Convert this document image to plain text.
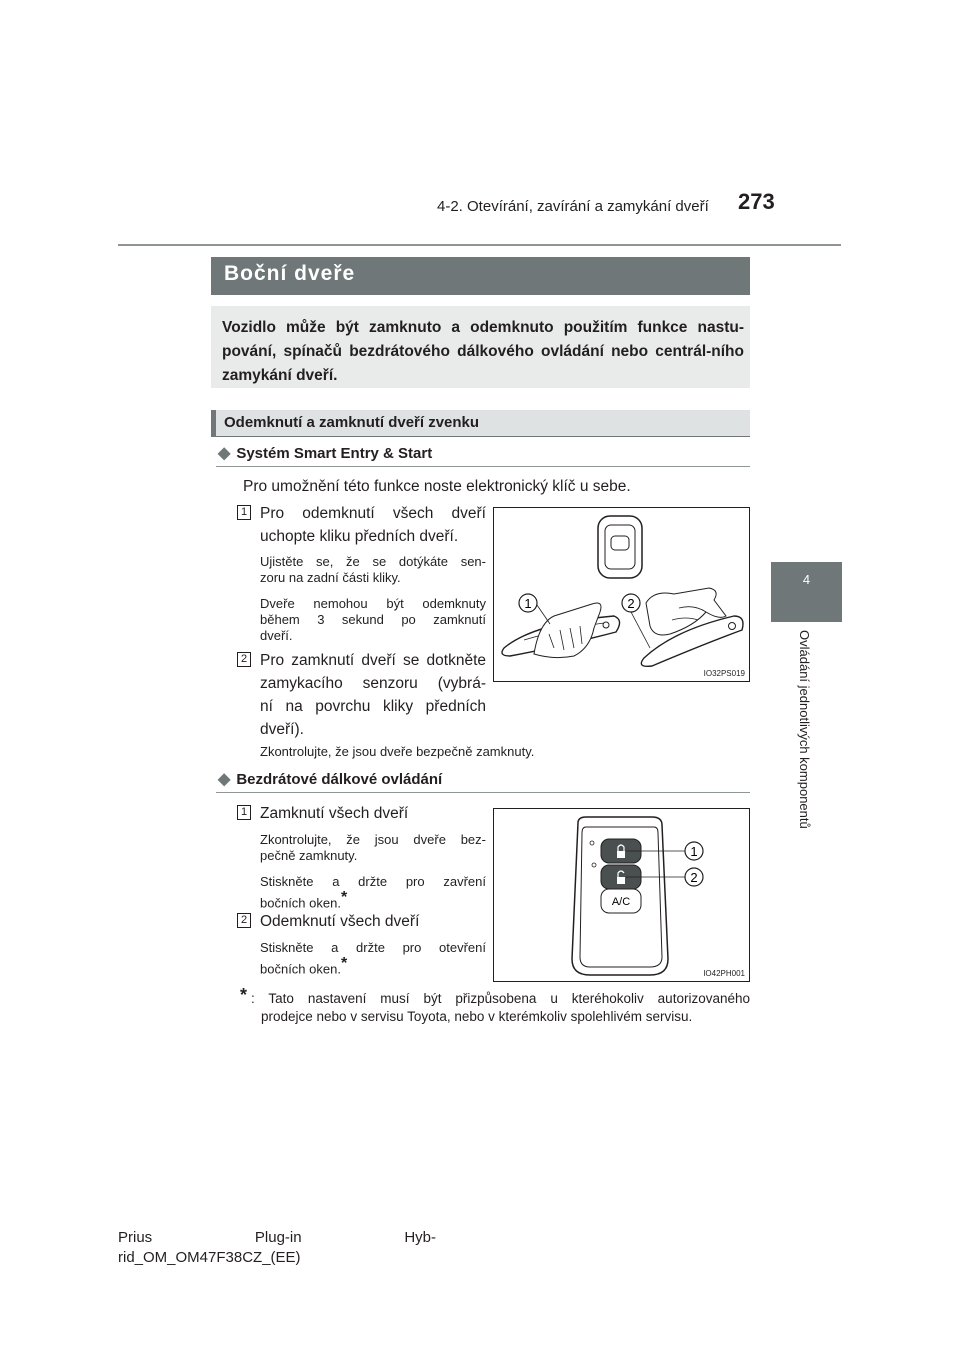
4-2. Otevírání, zavírání a zamykání dveří 273
4
Ovládání jednotlivých komponentů
Boční dveře
Vozidlo může být zamknuto a odemknuto použitím funkce nastu-pování, spínačů bezdrátového dálkového ovládání nebo centrál-ního zamykání dveří.
Odemknutí a zamknutí dveří zvenku
◆ Systém Smart Entry & Start
Pro umožnění této funkce noste elektronický klíč u sebe.
1 Pro odemknutí všech dveří
uchopte kliku předních dveří.
Ujistěte se, že se dotýkáte sen-
zoru na zadní části kliky.
Dveře nemohou být odemknuty
během 3 sekund po zamknutí
dveří.
2 Pro zamknutí dveří se dotkněte
zamykacího senzoru (vybrá-
ní na povrchu kliky předních
dveří).
Zkontrolujte, že jsou dveře bezpečně zamknuty.
1	2
IO32PS019
◆ Bezdrátové dálkové ovládání
1 Zamknutí všech dveří
Zkontrolujte, že jsou dveře bez-
pečně zamknuty.
Stiskněte a držte pro zavření
bočních oken.*
2 Odemknutí všech dveří
Stiskněte a držte pro otevření
bočních oken.*
A/C
1
2
IO42PH001
* : Tato nastavení musí být přizpůsobena u kteréhokoliv autorizovaného
prodejce nebo v servisu Toyota, nebo v kterémkoliv spolehlivém servisu.
Prius	Plug-in	Hyb-
rid_OM_OM47F38CZ_(EE)
